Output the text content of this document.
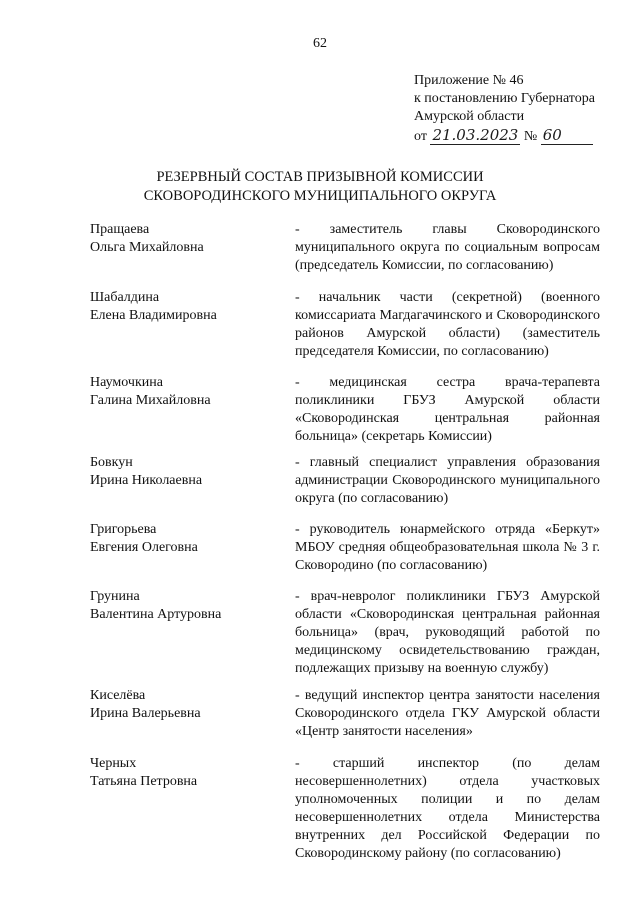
62
Приложение № 46
к постановлению Губернатора
Амурской области
от 21.03.2023 № 60
РЕЗЕРВНЫЙ СОСТАВ ПРИЗЫВНОЙ КОМИССИИ
СКОВОРОДИНСКОГО МУНИЦИПАЛЬНОГО ОКРУГА
Пращаева
Ольга Михайловна
- заместитель главы Сковородинского муниципального округа по социальным вопросам (председатель Комиссии, по согласованию)
Шабалдина
Елена Владимировна
- начальник части (секретной) (военного комиссариата Магдагачинского и Сковородинского районов Амурской области) (заместитель председателя Комиссии, по согласованию)
Наумочкина
Галина Михайловна
- медицинская сестра врача-терапевта поликлиники ГБУЗ Амурской области «Сковородинская центральная районная больница» (секретарь Комиссии)
Бовкун
Ирина Николаевна
- главный специалист управления образования администрации Сковородинского муниципального округа (по согласованию)
Григорьева
Евгения Олеговна
- руководитель юнармейского отряда «Беркут» МБОУ средняя общеобразовательная школа № 3 г. Сковородино (по согласованию)
Грунина
Валентина Артуровна
- врач-невролог поликлиники ГБУЗ Амурской области «Сковородинская центральная районная больница» (врач, руководящий работой по медицинскому освидетельствованию граждан, подлежащих призыву на военную службу)
Киселёва
Ирина Валерьевна
- ведущий инспектор центра занятости населения Сковородинского отдела ГКУ Амурской области «Центр занятости населения»
Черных
Татьяна Петровна
- старший инспектор (по делам несовершеннолетних) отдела участковых уполномоченных полиции и по делам несовершеннолетних отдела Министерства внутренних дел Российской Федерации по Сковородинскому району (по согласованию)
